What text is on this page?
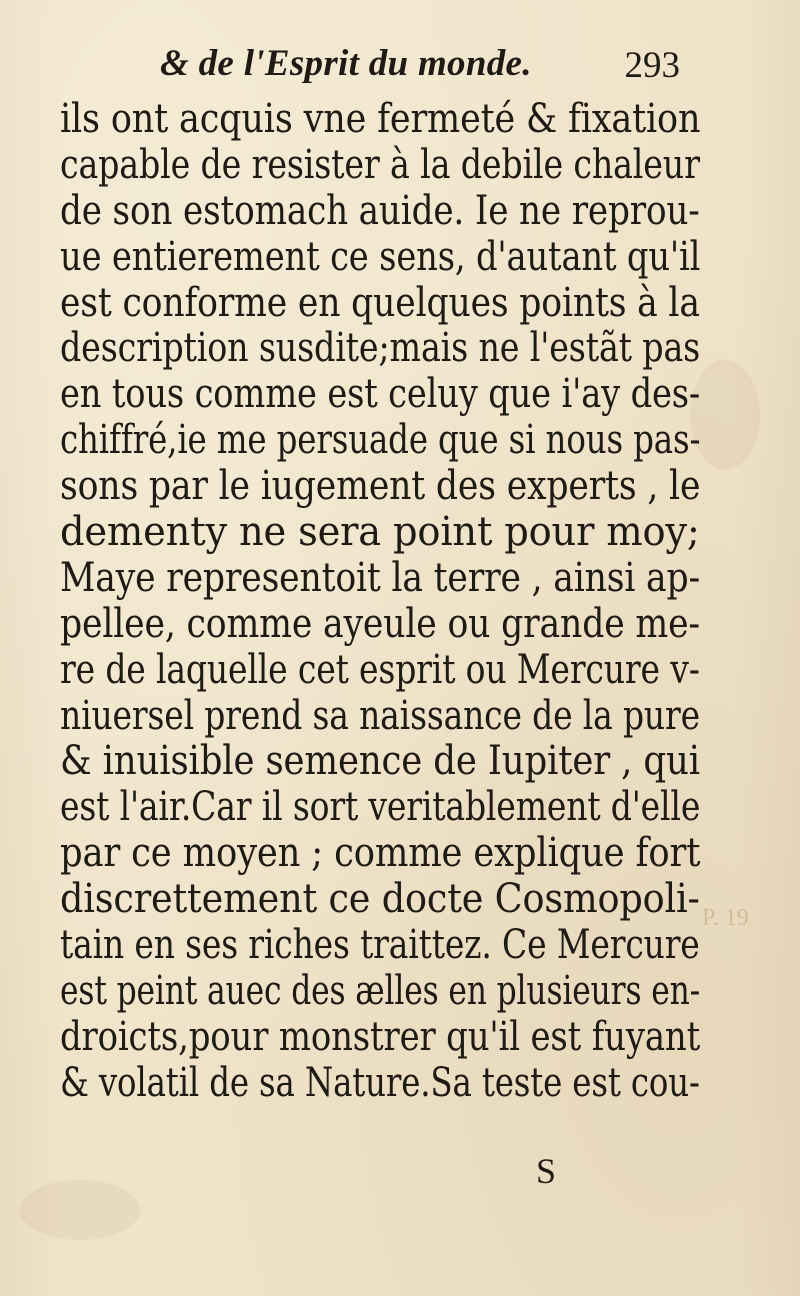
& de l'Esprit du monde.	293
ils ont acquis vne fermeté & fixation
capable de resister à la debile chaleur
de son estomach auide. Ie ne reprou-
ue entierement ce sens, d'autant qu'il
est conforme en quelques points à la
description susdite;mais ne l'estãt pas
en tous comme est celuy que i'ay des-
chiffré,ie me persuade que si nous pas-
sons par le iugement des experts , le
dementy ne sera point pour moy;
Maye representoit la terre , ainsi ap-
pellee, comme ayeule ou grande me-
re de laquelle cet esprit ou Mercure v-
niuersel prend sa naissance de la pure
& inuisible semence de Iupiter , qui
est l'air.Car il sort veritablement d'elle
par ce moyen ; comme explique fort
discrettement ce docte Cosmopoli-
tain en ses riches traittez. Ce Mercure
est peint auec des ælles en plusieurs en-
droicts,pour monstrer qu'il est fuyant
& volatil de sa Nature.Sa teste est cou-
P. 19
S
